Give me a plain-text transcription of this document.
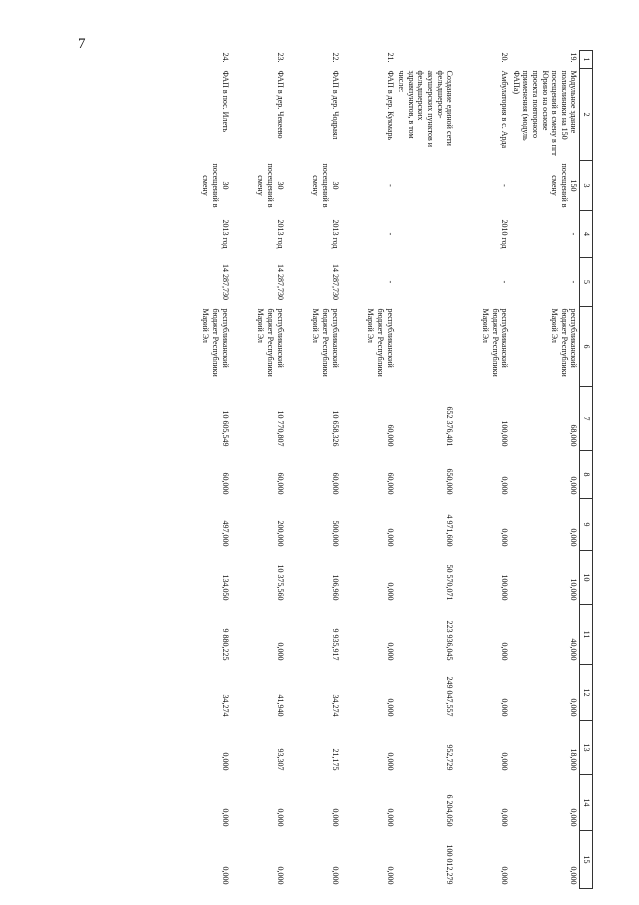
7
1	2	3	4	5	6	7	8	9	10	11	12	13	14	15
19.	Модульное здание поликлиники на 150 посещений в смену в пгт Юрино на основе проекта повторного применения (модуль ФАПа)	150 посещений в смену	-	-	республиканский бюджет Республики Марий Эл	68,000	0,000	0,000	10,000	40,000	0,000	18,000	0,000	0,000
20.	Амбулатория в с. Арда	-	2010 год	-	республиканский бюджет Республики Марий Эл	100,000	0,000	0,000	100,000	0,000	0,000	0,000	0,000	0,000
	Создание единой сети фельдшерско-акушерских пунктов и фельдшерских здравпунктов, в том числе:					652 376,401	650,000	4 971,600	50 570,071	223 936,045	249 047,557	952,729	6 204,050	100 012,279
21.	ФАП в дер. Кукмарь	-	-	-	республиканский бюджет Республики Марий Эл	60,000	60,000	0,000	0,000	0,000	0,000	0,000	0,000	0,000
22.	ФАП в дер. Чодраял	30 посещений в смену	2013 год	14 287,730	республиканский бюджет Республики Марий Эл	10 658,326	60,000	500,000	106,960	9 935,917	34,274	21,175	0,000	0,000
23.	ФАП в дер. Чекеево	30 посещений в смену	2013 год	14 287,730	республиканский бюджет Республики Марий Эл	10 770,807	60,000	200,000	10 375,560	0,000	41,940	93,307	0,000	0,000
24.	ФАП в пос. Илеть	30 посещений в смену	2013 год	14 287,730	республиканский бюджет Республики Марий Эл	10 605,549	60,000	497,000	134,050	9 880,225	34,274	0,000	0,000	0,000
